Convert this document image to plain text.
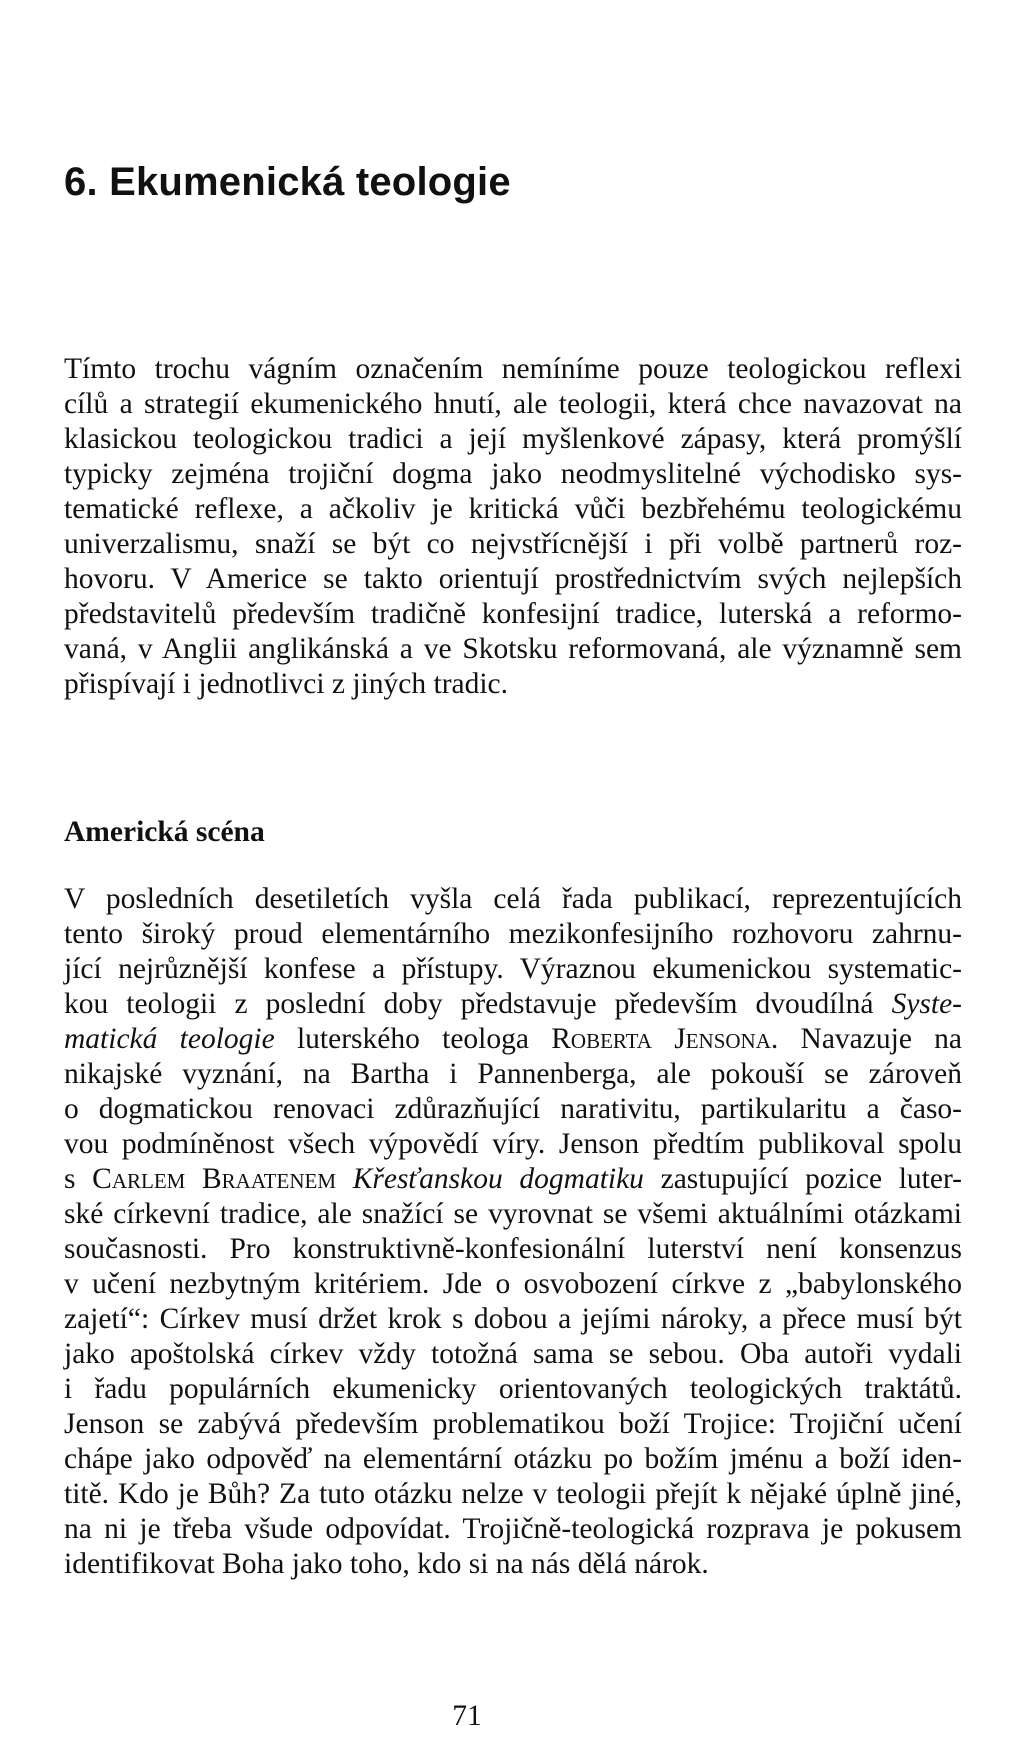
6. Ekumenická teologie

Tímto trochu vágním označením nemíníme pouze teologickou reflexi
cílů a strategií ekumenického hnutí, ale teologii, která chce navazovat na
klasickou teologickou tradici a její myšlenkové zápasy, která promýšlí
typicky zejména trojiční dogma jako neodmyslitelné východisko sys-
tematické reflexe, a ačkoliv je kritická vůči bezbřehému teologickému
univerzalismu, snaží se být co nejvstřícnější i při volbě partnerů roz-
hovoru. V Americe se takto orientují prostřednictvím svých nejlepších
představitelů především tradičně konfesijní tradice, luterská a reformo-
vaná, v Anglii anglikánská a ve Skotsku reformovaná, ale významně sem
přispívají i jednotlivci z jiných tradic.

Americká scéna

V posledních desetiletích vyšla celá řada publikací, reprezentujících
tento široký proud elementárního mezikonfesijního rozhovoru zahrnu-
jící nejrůznější konfese a přístupy. Výraznou ekumenickou systematic-
kou teologii z poslední doby představuje především dvoudílná Syste-
matická teologie luterského teologa Roberta Jensona. Navazuje na
nikajské vyznání, na Bartha i Pannenberga, ale pokouší se zároveň
o dogmatickou renovaci zdůrazňující narativitu, partikularitu a časo-
vou podmíněnost všech výpovědí víry. Jenson předtím publikoval spolu
s Carlem Braatenem Křesťanskou dogmatiku zastupující pozice luter-
ské církevní tradice, ale snažící se vyrovnat se všemi aktuálními otázkami
současnosti. Pro konstruktivně-konfesionální luterství není konsenzus
v učení nezbytným kritériem. Jde o osvobození církve z „babylonského
zajetí“: Církev musí držet krok s dobou a jejími nároky, a přece musí být
jako apoštolská církev vždy totožná sama se sebou. Oba autoři vydali
i řadu populárních ekumenicky orientovaných teologických traktátů.
Jenson se zabývá především problematikou boží Trojice: Trojiční učení
chápe jako odpověď na elementární otázku po božím jménu a boží iden-
titě. Kdo je Bůh? Za tuto otázku nelze v teologii přejít k nějaké úplně jiné,
na ni je třeba všude odpovídat. Trojičně-teologická rozprava je pokusem
identifikovat Boha jako toho, kdo si na nás dělá nárok.

71
